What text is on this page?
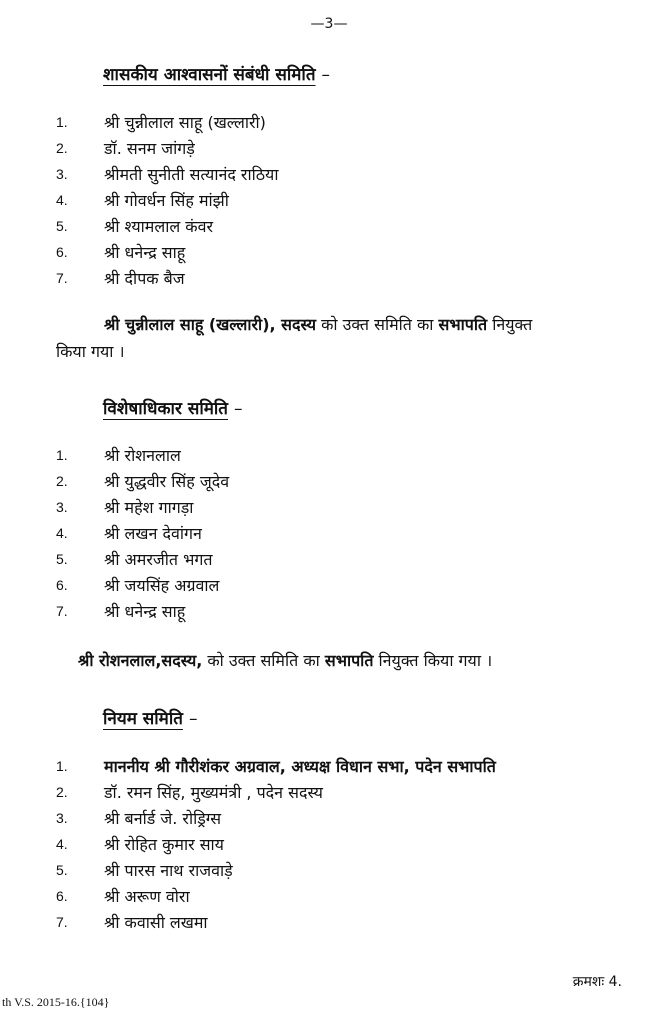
—3—
शासकीय आश्वासनों संबंधी समिति –
1. श्री चुन्नीलाल साहू (खल्लारी)
2. डॉ. सनम जांगड़े
3. श्रीमती सुनीती सत्यानंद राठिया
4. श्री गोवर्धन सिंह मांझी
5. श्री श्यामलाल कंवर
6. श्री धनेन्द्र साहू
7. श्री दीपक बैज
श्री चुन्नीलाल साहू (खल्लारी), सदस्य को उक्त समिति का सभापति नियुक्त
किया गया ।
विशेषाधिकार समिति –
1. श्री रोशनलाल
2. श्री युद्धवीर सिंह जूदेव
3. श्री महेश गागड़ा
4. श्री लखन देवांगन
5. श्री अमरजीत भगत
6. श्री जयसिंह अग्रवाल
7. श्री धनेन्द्र साहू
श्री रोशनलाल,सदस्य, को उक्त समिति का सभापति नियुक्त किया गया ।
नियम समिति –
1. माननीय श्री गौरीशंकर अग्रवाल, अध्यक्ष विधान सभा, पदेन सभापति
2. डॉ. रमन सिंह, मुख्यमंत्री , पदेन सदस्य
3. श्री बर्नार्ड जे. रोड्रिग्स
4. श्री रोहित कुमार साय
5. श्री पारस नाथ राजवाड़े
6. श्री अरूण वोरा
7. श्री कवासी लखमा
क्रमशः 4.
th V.S. 2015-16.{104}
